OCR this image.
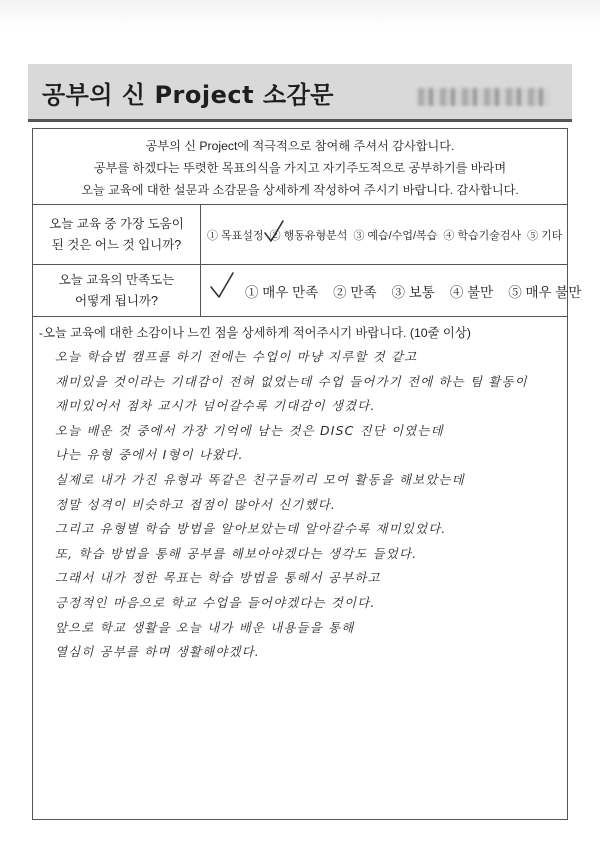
공부의 신 Project 소감문
공부의 신 Project에 적극적으로 참여해 주셔서 감사합니다.
공부를 하겠다는 뚜렷한 목표의식을 가지고 자기주도적으로 공부하기를 바라며
오늘 교육에 대한 설문과 소감문을 상세하게 작성하여 주시기 바랍니다. 감사합니다.
오늘 교육 중 가장 도움이
된 것은 어느 것 입니까?
① 목표설정 ② 행동유형분석 ③ 예습/수업/복습 ④ 학습기술검사 ⑤ 기타
오늘 교육의 만족도는
어떻게 됩니까?
① 매우 만족 ② 만족 ③ 보통 ④ 불만 ⑤ 매우 불만
-오늘 교육에 대한 소감이나 느낀 점을 상세하게 적어주시기 바랍니다. (10줄 이상)
오늘 학습법 캠프를 하기 전에는 수업이 마냥 지루할 것 같고
재미있을 것이라는 기대감이 전혀 없었는데 수업 들어가기 전에 하는 팀 활동이
재미있어서 점차 교시가 넘어갈수록 기대감이 생겼다.
오늘 배운 것 중에서 가장 기억에 남는 것은 DISC 진단 이였는데
나는 유형 중에서 I형이 나왔다.
실제로 내가 가진 유형과 똑같은 친구들끼리 모여 활동을 해보았는데
정말 성격이 비슷하고 접점이 많아서 신기했다.
그리고 유형별 학습 방법을 알아보았는데 알아갈수록 재미있었다.
또, 학습 방법을 통해 공부를 해보아야겠다는 생각도 들었다.
그래서 내가 정한 목표는 학습 방법을 통해서 공부하고
긍정적인 마음으로 학교 수업을 들어야겠다는 것이다.
앞으로 학교 생활을 오늘 내가 배운 내용들을 통해
열심히 공부를 하며 생활해야겠다.
